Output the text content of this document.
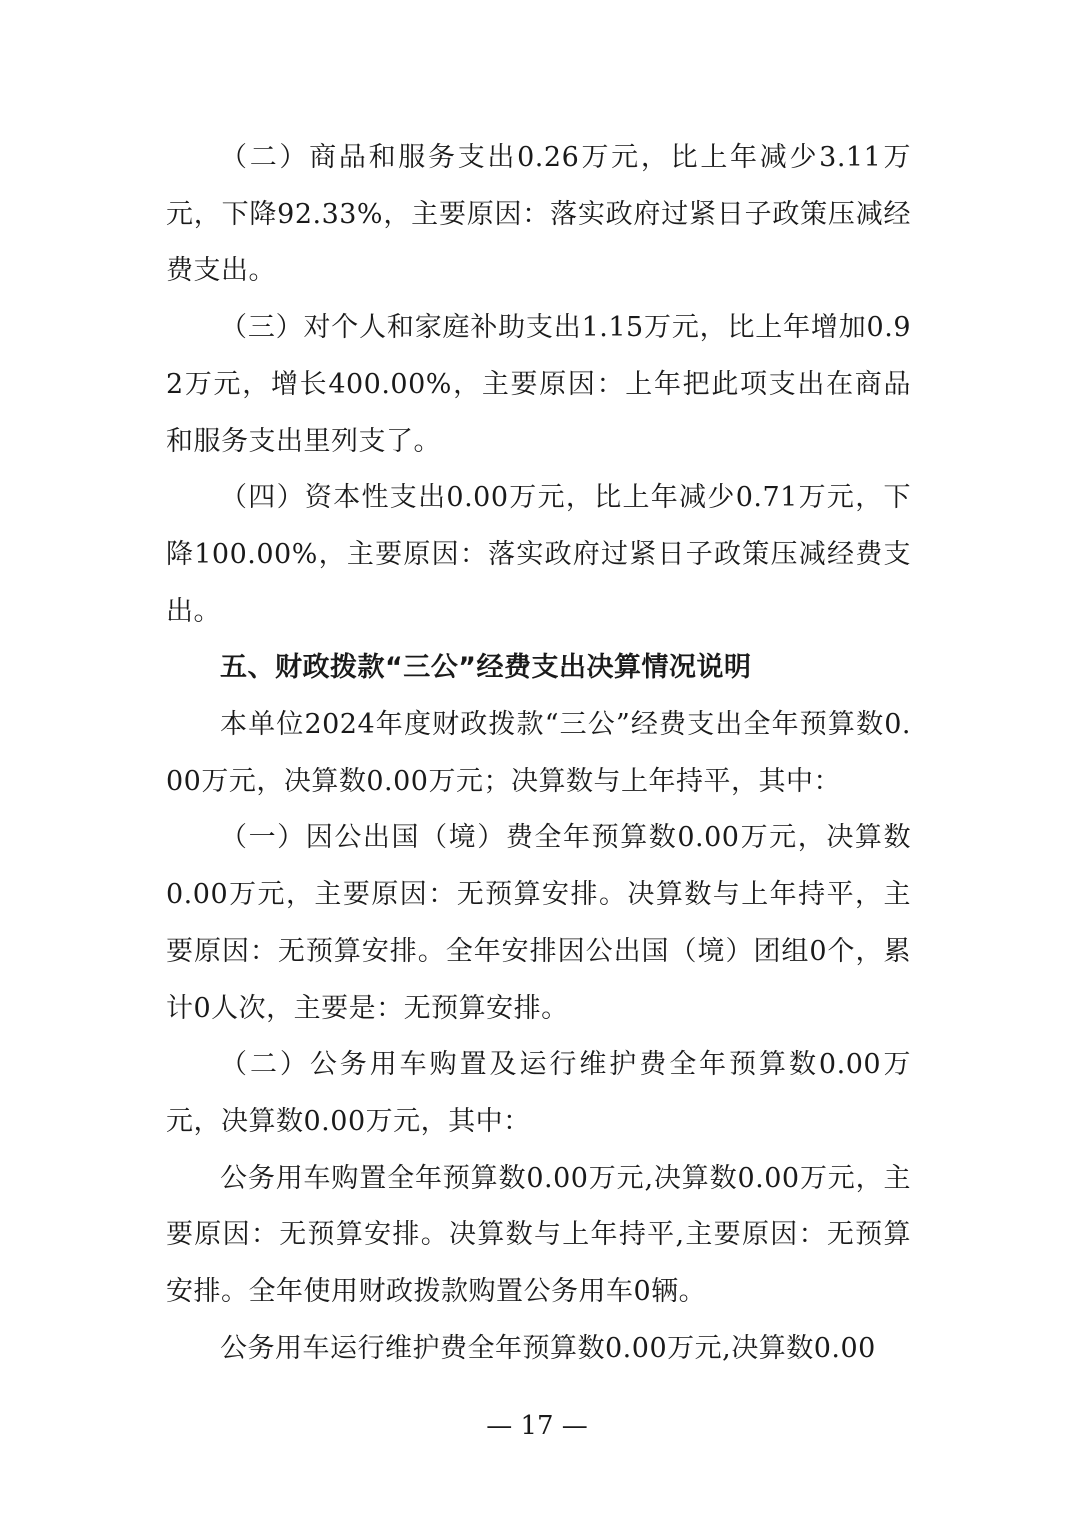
（二）商品和服务支出0.26万元，比上年减少3.11万元，下降92.33%，主要原因：落实政府过紧日子政策压减经费支出。

（三）对个人和家庭补助支出1.15万元，比上年增加0.92万元，增长400.00%，主要原因：上年把此项支出在商品和服务支出里列支了。

（四）资本性支出0.00万元，比上年减少0.71万元，下降100.00%，主要原因：落实政府过紧日子政策压减经费支出。

五、财政拨款“三公”经费支出决算情况说明

本单位2024年度财政拨款“三公”经费支出全年预算数0.00万元，决算数0.00万元；决算数与上年持平，其中：

（一）因公出国（境）费全年预算数0.00万元，决算数0.00万元，主要原因：无预算安排。决算数与上年持平，主要原因：无预算安排。全年安排因公出国（境）团组0个，累计0人次，主要是：无预算安排。

（二）公务用车购置及运行维护费全年预算数0.00万元，决算数0.00万元，其中：

公务用车购置全年预算数0.00万元,决算数0.00万元，主要原因：无预算安排。决算数与上年持平,主要原因：无预算安排。全年使用财政拨款购置公务用车0辆。

公务用车运行维护费全年预算数0.00万元,决算数0.00

— 17 —
